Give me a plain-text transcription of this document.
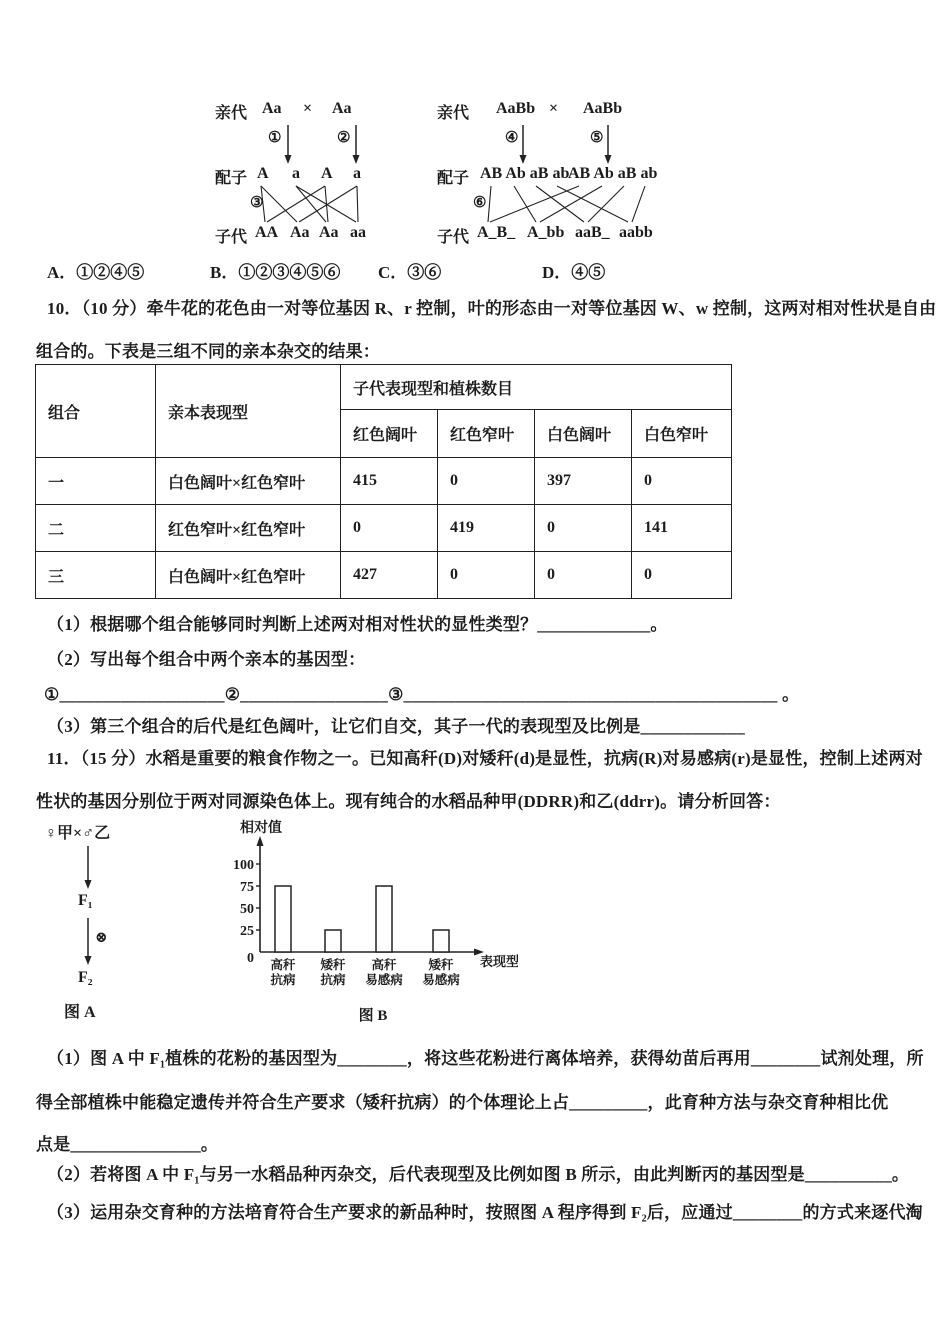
亲代 Aa × Aa
①	②
配子 A a A a
③
子代 AA Aa Aa aa
亲代 AaBb × AaBb
④	⑤
配子 AB Ab aB ab
AB Ab aB ab
⑥
子代 A_B_ A_bb aaB_ aabb
A．①②④⑤	B．①②③④⑤⑥ C．③⑥	D．④⑤
10．（10 分）牵牛花的花色由一对等位基因 R、r 控制，叶的形态由一对等位基因 W、w 控制，这两对相对性状是自由
组合的。下表是三组不同的亲本杂交的结果：
组合	亲本表现型	子代表现型和植株数目			
		红色阔叶	红色窄叶	白色阔叶	白色窄叶
一	白色阔叶×红色窄叶	415	0	397	0
二	红色窄叶×红色窄叶	0	419	0	141
三	白色阔叶×红色窄叶	427	0	0	0
（1）根据哪个组合能够同时判断上述两对相对性状的显性类型？_____________。
（2）写出每个组合中两个亲本的基因型：
①___________________②_________________③___________________________________________ 。
（3）第三个组合的后代是红色阔叶，让它们自交，其子一代的表现型及比例是____________
11．（15 分）水稻是重要的粮食作物之一。已知高秆(D)对矮秆(d)是显性，抗病(R)对易感病(r)是显性，控制上述两对
性状的基因分别位于两对同源染色体上。现有纯合的水稻品种甲(DDRR)和乙(ddrr)。请分析回答：
♀甲×♂乙
F₁
⊗
F₂
图 A
相对值
表现型
0
25
50
75
100
高秆抗病
矮秆抗病
高秆易感病
矮秆易感病
图 B
（1）图 A 中 F₁植株的花粉的基因型为________，将这些花粉进行离体培养，获得幼苗后再用________试剂处理，所
得全部植株中能稳定遗传并符合生产要求（矮秆抗病）的个体理论上占_________，此育种方法与杂交育种相比优
点是_______________。
（2）若将图 A 中 F₁与另一水稻品种丙杂交，后代表现型及比例如图 B 所示，由此判断丙的基因型是__________。
（3）运用杂交育种的方法培育符合生产要求的新品种时，按照图 A 程序得到 F₂后，应通过________的方式来逐代淘
